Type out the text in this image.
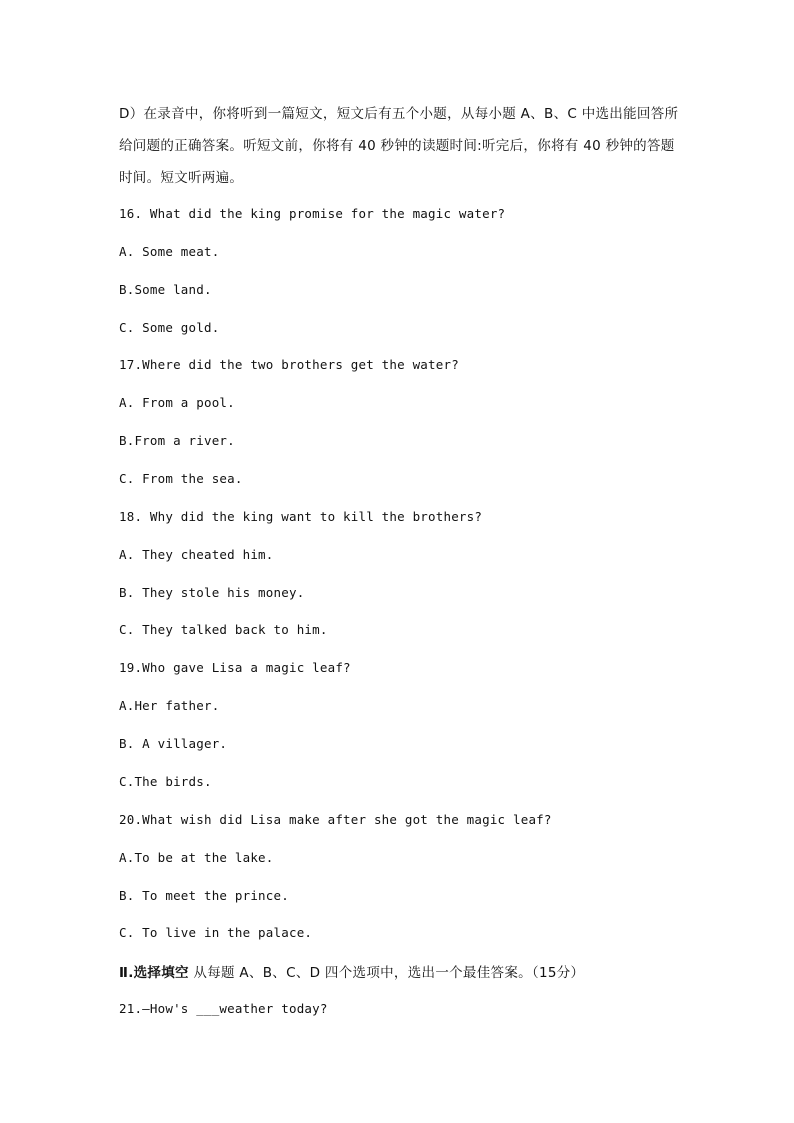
D）在录音中，你将听到一篇短文，短文后有五个小题，从每小题 A、B、C 中选出能回答所
给问题的正确答案。听短文前，你将有 40 秒钟的读题时间:听完后，你将有 40 秒钟的答题
时间。短文听两遍。
16. What did the king promise for the magic water?
A. Some meat.
B.Some land.
C. Some gold.
17.Where did the two brothers get the water?
A. From a pool.
B.From a river.
C. From the sea.
18. Why did the king want to kill the brothers?
A. They cheated him.
B. They stole his money.
C. They talked back to him.
19.Who gave Lisa a magic leaf?
A.Her father.
B. A villager.
C.The birds.
20.What wish did Lisa make after she got the magic leaf?
A.To be at the lake.
B. To meet the prince.
C. To live in the palace.
Ⅱ.选择填空 从每题 A、B、C、D 四个选项中，选出一个最佳答案。（15分）
21.—How's ___weather today?
